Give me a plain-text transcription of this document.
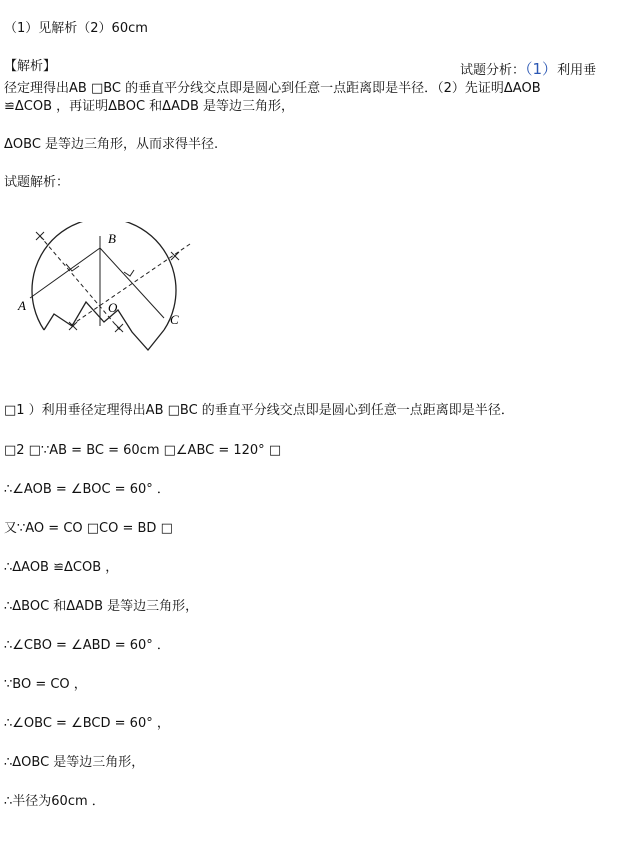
（1）见解析（2）60cm
【解析】	试题分析：（1）利用垂
径定理得出AB □BC 的垂直平分线交点即是圆心到任意一点距离即是半径．（2）先证明ΔAOB
≌ΔCOB ，再证明ΔBOC 和ΔADB 是等边三角形，
ΔOBC 是等边三角形，从而求得半径.
试题解析：
B
A	O
C
□1 ）利用垂径定理得出AB □BC 的垂直平分线交点即是圆心到任意一点距离即是半径．
□2 □∵AB = BC = 60cm □∠ABC = 120° □
∴∠AOB = ∠BOC = 60° ．
又∵AO = CO □CO = BD □
∴ΔAOB ≌ΔCOB ，
∴ΔBOC 和ΔADB 是等边三角形，
∴∠CBO = ∠ABD = 60° ．
∵BO = CO ，
∴∠OBC = ∠BCD = 60° ，
∴ΔOBC 是等边三角形，
∴半径为60cm ．
